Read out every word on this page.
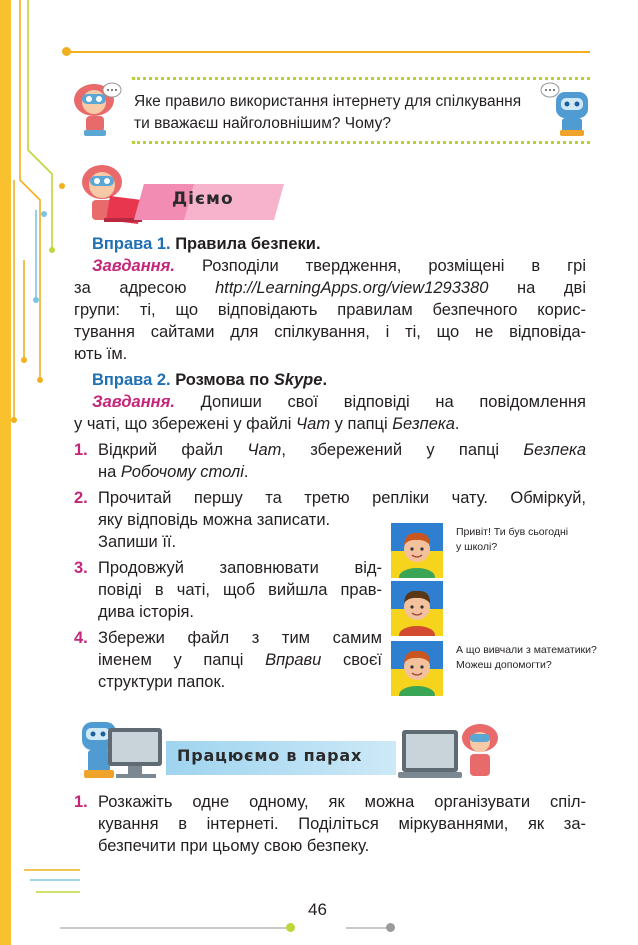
Яке правило використання інтернету для спілкування ти вважаєш найголовнішим? Чому?
Діємо
Вправа 1. Правила безпеки.
Завдання. Розподіли твердження, розміщені в грі
за адресою http://LearningApps.org/view1293380 на дві
групи: ті, що відповідають правилам безпечного корис-
тування сайтами для спілкування, і ті, що не відповіда-
ють їм.
Вправа 2. Розмова по Skype.
Завдання. Допиши свої відповіді на повідомлення
у чаті, що збережені у файлі Чат у папці Безпека.
1. Відкрий файл Чат, збережений у папці Безпека
на Робочому столі.
2. Прочитай першу та третю репліки чату. Обміркуй,
яку відповідь можна записати.
Запиши її.
3. Продовжуй заповнювати від-
повіді в чаті, щоб вийшла прав-
дива історія.
4. Збережи файл з тим самим
іменем у папці Вправи своєї
структури папок.
Привіт! Ти був сьогодні
у школі?
А що вивчали з математики?
Можеш допомогти?
Працюємо в парах
1. Розкажіть одне одному, як можна організувати спіл-
кування в інтернеті. Поділіться міркуваннями, як за-
безпечити при цьому свою безпеку.
46
